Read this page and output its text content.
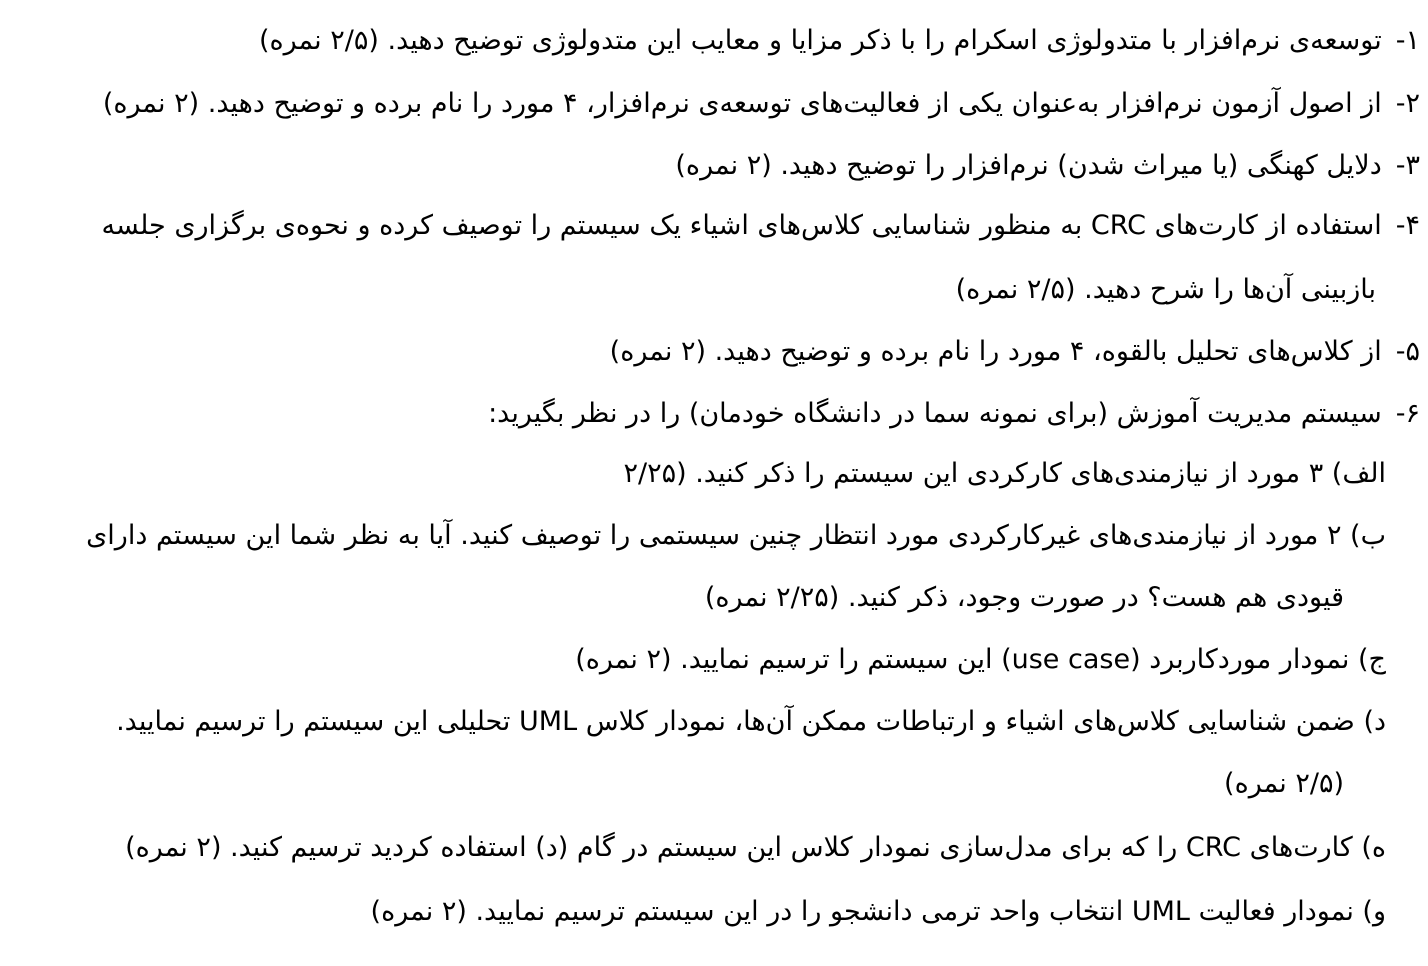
۱-توسعه‌ی نرم‌افزار با متدولوژی اسکرام را با ذکر مزایا و معایب این متدولوژی توضیح دهید. (۲/۵ نمره)
۲-از اصول آزمون نرم‌افزار به‌عنوان یکی از فعالیت‌های توسعه‌ی نرم‌افزار، ۴ مورد را نام برده و توضیح دهید. (۲ نمره)
۳-دلایل کهنگی (یا میراث شدن) نرم‌افزار را توضیح دهید. (۲ نمره)
۴-استفاده از کارت‌های CRC به منظور شناسایی کلاس‌های اشیاء یک سیستم را توصیف کرده و نحوه‌ی برگزاری جلسه
بازبینی آن‌ها را شرح دهید. (۲/۵ نمره)
۵-از کلاس‌های تحلیل بالقوه، ۴ مورد را نام برده و توضیح دهید. (۲ نمره)
۶-سیستم مدیریت آموزش (برای نمونه سما در دانشگاه خودمان) را در نظر بگیرید:
الف) ۳ مورد از نیازمندی‌های کارکردی این سیستم را ذکر کنید. (۲/۲۵
ب) ۲ مورد از نیازمندی‌های غیرکارکردی مورد انتظار چنین سیستمی را توصیف کنید. آیا به نظر شما این سیستم دارای
قیودی هم هست؟ در صورت وجود، ذکر کنید. (۲/۲۵ نمره)
ج) نمودار موردکاربرد (use case) این سیستم را ترسیم نمایید. (۲ نمره)
د) ضمن شناسایی کلاس‌های اشیاء و ارتباطات ممکن آن‌ها، نمودار کلاس UML تحلیلی این سیستم را ترسیم نمایید.
(۲/۵ نمره)
ه) کارت‌های CRC را که برای مدل‌سازی نمودار کلاس این سیستم در گام (د) استفاده کردید ترسیم کنید. (۲ نمره)
و) نمودار فعالیت UML انتخاب واحد ترمی دانشجو را در این سیستم ترسیم نمایید. (۲ نمره)
